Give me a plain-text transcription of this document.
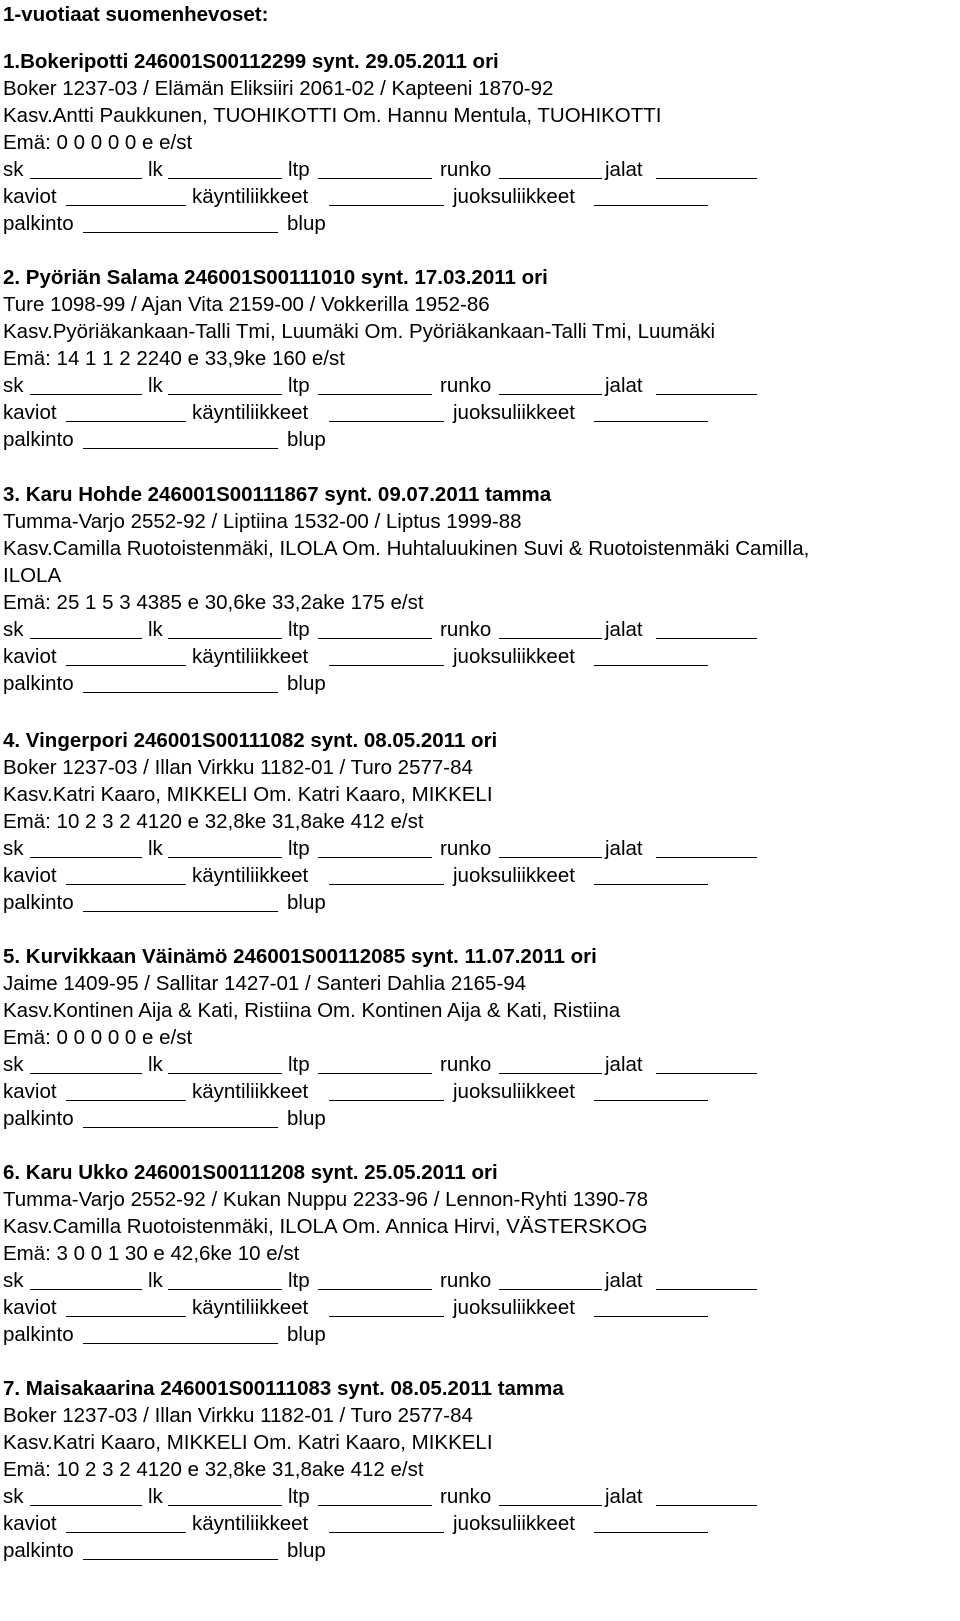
1-vuotiaat suomenhevoset:
1.Bokeripotti 246001S00112299 synt. 29.05.2011 ori
Boker 1237-03 / Elämän Eliksiiri 2061-02 / Kapteeni 1870-92
Kasv.Antti Paukkunen, TUOHIKOTTI Om. Hannu Mentula, TUOHIKOTTI
Emä: 0 0 0 0 0 e e/st
sk	lk	ltp	runko	jalat
kaviot	käyntiliikkeet	juoksuliikkeet
palkinto	blup
2. Pyöriän Salama 246001S00111010 synt. 17.03.2011 ori
Ture 1098-99 / Ajan Vita 2159-00 / Vokkerilla 1952-86
Kasv.Pyöriäkankaan-Talli Tmi, Luumäki Om. Pyöriäkankaan-Talli Tmi, Luumäki
Emä: 14 1 1 2 2240 e 33,9ke 160 e/st
sk	lk	ltp	runko	jalat
kaviot	käyntiliikkeet	juoksuliikkeet
palkinto	blup
3. Karu Hohde 246001S00111867 synt. 09.07.2011 tamma
Tumma-Varjo 2552-92 / Liptiina 1532-00 / Liptus 1999-88
Kasv.Camilla Ruotoistenmäki, ILOLA Om. Huhtaluukinen Suvi & Ruotoistenmäki Camilla,
ILOLA
Emä: 25 1 5 3 4385 e 30,6ke 33,2ake 175 e/st
sk	lk	ltp	runko	jalat
kaviot	käyntiliikkeet	juoksuliikkeet
palkinto	blup
4. Vingerpori 246001S00111082 synt. 08.05.2011 ori
Boker 1237-03 / Illan Virkku 1182-01 / Turo 2577-84
Kasv.Katri Kaaro, MIKKELI Om. Katri Kaaro, MIKKELI
Emä: 10 2 3 2 4120 e 32,8ke 31,8ake 412 e/st
sk	lk	ltp	runko	jalat
kaviot	käyntiliikkeet	juoksuliikkeet
palkinto	blup
5. Kurvikkaan Väinämö 246001S00112085 synt. 11.07.2011 ori
Jaime 1409-95 / Sallitar 1427-01 / Santeri Dahlia 2165-94
Kasv.Kontinen Aija & Kati, Ristiina Om. Kontinen Aija & Kati, Ristiina
Emä: 0 0 0 0 0 e e/st
sk	lk	ltp	runko	jalat
kaviot	käyntiliikkeet	juoksuliikkeet
palkinto	blup
6. Karu Ukko 246001S00111208 synt. 25.05.2011 ori
Tumma-Varjo 2552-92 / Kukan Nuppu 2233-96 / Lennon-Ryhti 1390-78
Kasv.Camilla Ruotoistenmäki, ILOLA Om. Annica Hirvi, VÄSTERSKOG
Emä: 3 0 0 1 30 e 42,6ke 10 e/st
sk	lk	ltp	runko	jalat
kaviot	käyntiliikkeet	juoksuliikkeet
palkinto	blup
7. Maisakaarina 246001S00111083 synt. 08.05.2011 tamma
Boker 1237-03 / Illan Virkku 1182-01 / Turo 2577-84
Kasv.Katri Kaaro, MIKKELI Om. Katri Kaaro, MIKKELI
Emä: 10 2 3 2 4120 e 32,8ke 31,8ake 412 e/st
sk	lk	ltp	runko	jalat
kaviot	käyntiliikkeet	juoksuliikkeet
palkinto	blup
